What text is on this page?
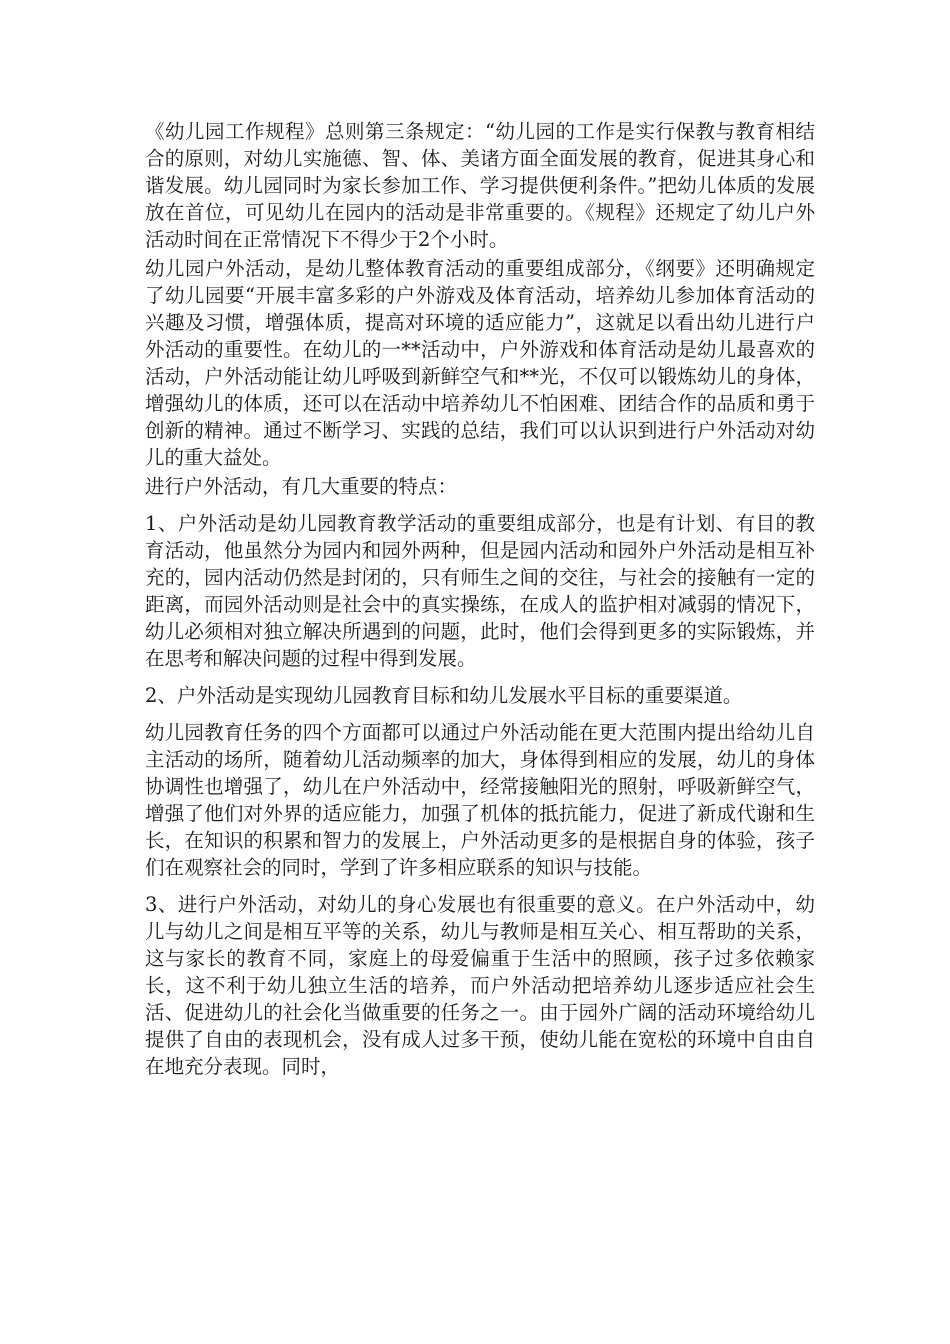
《幼儿园工作规程》总则第三条规定：“幼儿园的工作是实行保教与教育相结合的原则，对幼儿实施德、智、体、美诸方面全面发展的教育，促进其身心和谐发展。幼儿园同时为家长参加工作、学习提供便利条件。”把幼儿体质的发展放在首位，可见幼儿在园内的活动是非常重要的。《规程》还规定了幼儿户外活动时间在正常情况下不得少于2个小时。

幼儿园户外活动，是幼儿整体教育活动的重要组成部分，《纲要》还明确规定了幼儿园要“开展丰富多彩的户外游戏及体育活动，培养幼儿参加体育活动的兴趣及习惯，增强体质，提高对环境的适应能力”，这就足以看出幼儿进行户外活动的重要性。在幼儿的一**活动中，户外游戏和体育活动是幼儿最喜欢的活动，户外活动能让幼儿呼吸到新鲜空气和**光，不仅可以锻炼幼儿的身体，增强幼儿的体质，还可以在活动中培养幼儿不怕困难、团结合作的品质和勇于创新的精神。通过不断学习、实践的总结，我们可以认识到进行户外活动对幼儿的重大益处。

进行户外活动，有几大重要的特点：

1、户外活动是幼儿园教育教学活动的重要组成部分，也是有计划、有目的教育活动，他虽然分为园内和园外两种，但是园内活动和园外户外活动是相互补充的，园内活动仍然是封闭的，只有师生之间的交往，与社会的接触有一定的距离，而园外活动则是社会中的真实操练，在成人的监护相对减弱的情况下，幼儿必须相对独立解决所遇到的问题，此时，他们会得到更多的实际锻炼，并在思考和解决问题的过程中得到发展。

2、户外活动是实现幼儿园教育目标和幼儿发展水平目标的重要渠道。

幼儿园教育任务的四个方面都可以通过户外活动能在更大范围内提出给幼儿自主活动的场所，随着幼儿活动频率的加大，身体得到相应的发展，幼儿的身体协调性也增强了，幼儿在户外活动中，经常接触阳光的照射，呼吸新鲜空气，增强了他们对外界的适应能力，加强了机体的抵抗能力，促进了新成代谢和生长，在知识的积累和智力的发展上，户外活动更多的是根据自身的体验，孩子们在观察社会的同时，学到了许多相应联系的知识与技能。

3、进行户外活动，对幼儿的身心发展也有很重要的意义。在户外活动中，幼儿与幼儿之间是相互平等的关系，幼儿与教师是相互关心、相互帮助的关系，这与家长的教育不同，家庭上的母爱偏重于生活中的照顾，孩子过多依赖家长，这不利于幼儿独立生活的培养，而户外活动把培养幼儿逐步适应社会生活、促进幼儿的社会化当做重要的任务之一。由于园外广阔的活动环境给幼儿提供了自由的表现机会，没有成人过多干预，使幼儿能在宽松的环境中自由自在地充分表现。同时，
